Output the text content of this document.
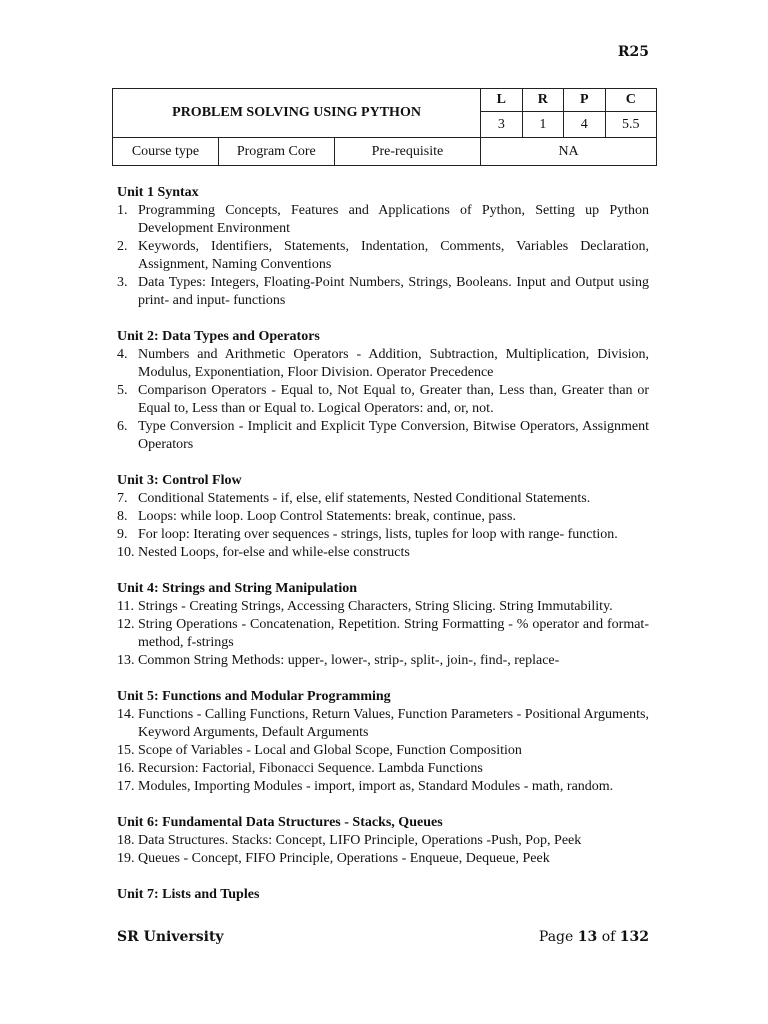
R25
PROBLEM SOLVING USING PYTHON			L	R	P	C
			3	1	4	5.5
Course type	Program Core	Pre-requisite	NA			

Unit 1 Syntax

1. Programming Concepts, Features and Applications of Python, Setting up Python Development Environment
2. Keywords, Identifiers, Statements, Indentation, Comments, Variables Declaration, Assignment, Naming Conventions
3. Data Types: Integers, Floating-Point Numbers, Strings, Booleans. Input and Output using print- and input- functions

Unit 2: Data Types and Operators

4. Numbers and Arithmetic Operators - Addition, Subtraction, Multiplication, Division, Modulus, Exponentiation, Floor Division. Operator Precedence
5. Comparison Operators - Equal to, Not Equal to, Greater than, Less than, Greater than or Equal to, Less than or Equal to. Logical Operators: and, or, not.
6. Type Conversion - Implicit and Explicit Type Conversion, Bitwise Operators, Assignment Operators

Unit 3: Control Flow

7. Conditional Statements - if, else, elif statements, Nested Conditional Statements.
8. Loops: while loop. Loop Control Statements: break, continue, pass.
9. For loop: Iterating over sequences - strings, lists, tuples for loop with range- function.
10. Nested Loops, for-else and while-else constructs

Unit 4: Strings and String Manipulation

11. Strings - Creating Strings, Accessing Characters, String Slicing. String Immutability.
12. String Operations - Concatenation, Repetition. String Formatting - % operator and format- method, f-strings
13. Common String Methods: upper-, lower-, strip-, split-, join-, find-, replace-

Unit 5: Functions and Modular Programming

14. Functions - Calling Functions, Return Values, Function Parameters - Positional Arguments, Keyword Arguments, Default Arguments
15. Scope of Variables - Local and Global Scope, Function Composition
16. Recursion: Factorial, Fibonacci Sequence. Lambda Functions
17. Modules, Importing Modules - import, import as, Standard Modules - math, random.

Unit 6: Fundamental Data Structures - Stacks, Queues

18. Data Structures. Stacks: Concept, LIFO Principle, Operations -Push, Pop, Peek
19. Queues - Concept, FIFO Principle, Operations - Enqueue, Dequeue, Peek

Unit 7: Lists and Tuples

SR University	Page 13 of 132
